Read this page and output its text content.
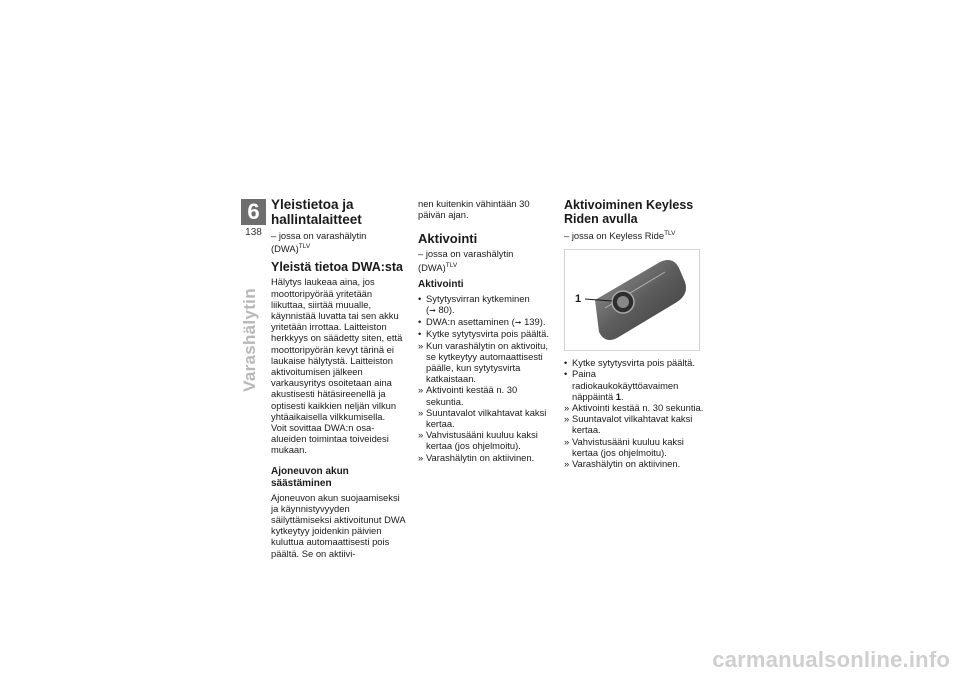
6
138
Varashälytin
Yleistietoa ja hallintalaitteet

– jossa on varashälytin (DWA)$^{TLV}$

Yleistä tietoa DWA:sta

Hälytys laukeaa aina, jos moottoripyörää yritetään liikuttaa, siirtää muualle, käynnistää luvatta tai sen akku yritetään irrottaa. Laitteiston herkkyys on säädetty siten, että moottoripyörän kevyt tärinä ei laukaise hälytystä. Laitteiston aktivoitumisen jälkeen varkausyritys osoitetaan aina akustisesti hätäsireenellä ja optisesti kaikkien neljän vilkun yhtäaikaisella vilkkumisella.

Voit sovittaa DWA:n osa-alueiden toimintaa toiveidesi mukaan.

Ajoneuvon akun säästäminen

Ajoneuvon akun suojaamiseksi ja käynnistyvyyden säilyttämiseksi aktivoitunut DWA kytkeytyy joidenkin päivien kuluttua automaattisesti pois päältä. Se on aktiivi-

nen kuitenkin vähintään 30 päivän ajan.

Aktivointi

– jossa on varashälytin (DWA)$^{TLV}$

Aktivointi
• Sytytysvirran kytkeminen
(➞ 80).
• DWA:n asettaminen (➞ 139).
• Kytke sytytysvirta pois päältä.
» Kun varashälytin on aktivoitu, se kytkeytyy automaattisesti päälle, kun sytytysvirta katkaistaan.
» Aktivointi kestää n. 30 sekuntia.
» Suuntavalot vilkahtavat kaksi kertaa.
» Vahvistusääni kuuluu kaksi kertaa (jos ohjelmoitu).
» Varashälytin on aktiivinen.
Aktivoiminen Keyless Riden avulla

– jossa on Keyless Ride$^{TLV}$

1
• Kytke sytytysvirta pois päältä.
• Paina radiokaukokäyttöavaimen näppäintä 1.
» Aktivointi kestää n. 30 sekuntia.
» Suuntavalot vilkahtavat kaksi kertaa.
» Vahvistusääni kuuluu kaksi kertaa (jos ohjelmoitu).
» Varashälytin on aktiivinen.
carmanualsonline.info
